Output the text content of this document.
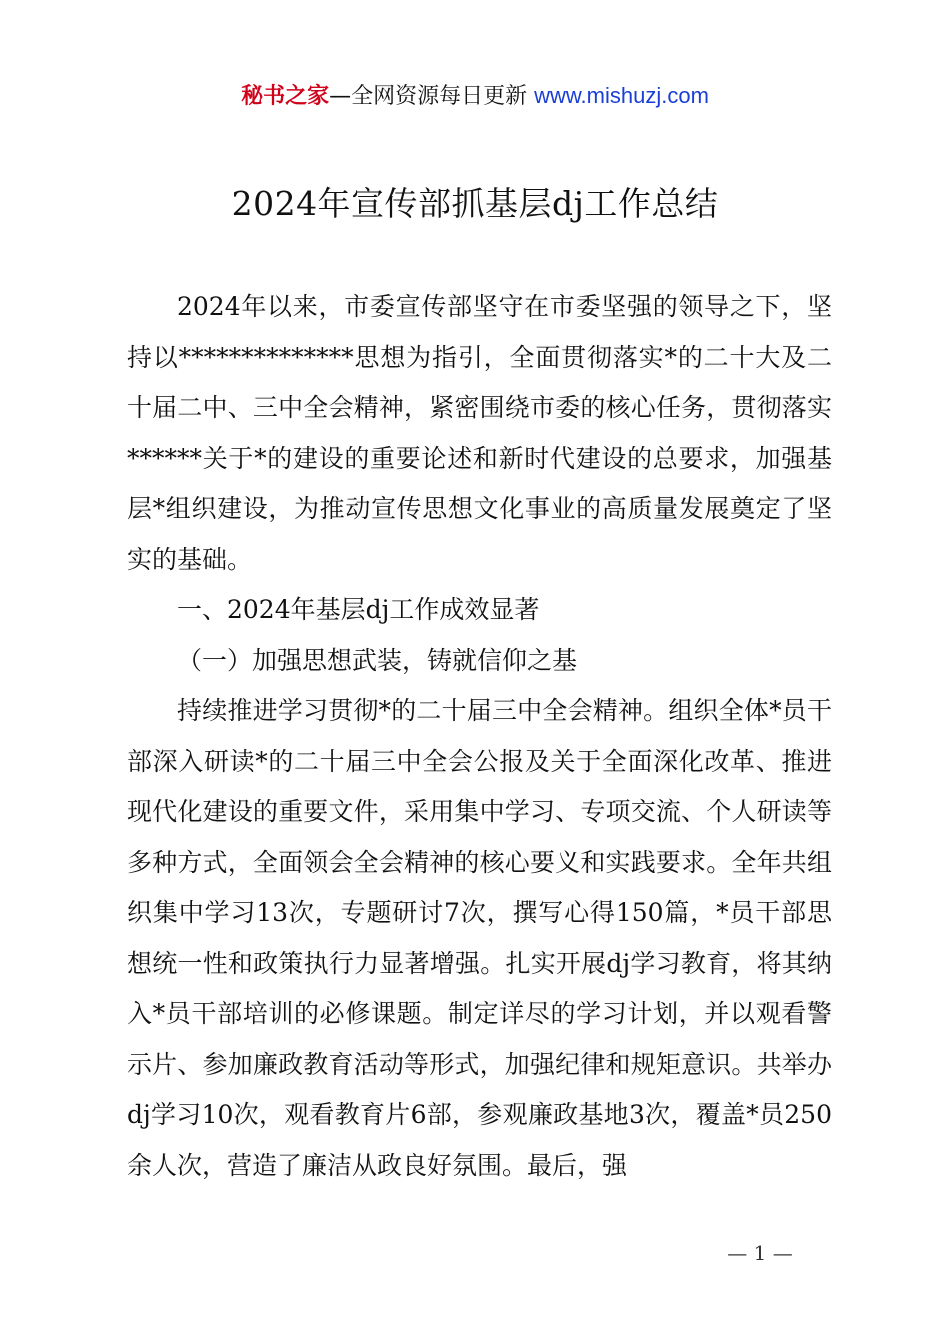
秘书之家—全网资源每日更新 www.mishuzj.com
2024年宣传部抓基层dj工作总结

2024年以来，市委宣传部坚守在市委坚强的领导之下，坚持以**************思想为指引，全面贯彻落实*的二十大及二十届二中、三中全会精神，紧密围绕市委的核心任务，贯彻落实******关于*的建设的重要论述和新时代建设的总要求，加强基层*组织建设，为推动宣传思想文化事业的高质量发展奠定了坚实的基础。

一、2024年基层dj工作成效显著

（一）加强思想武装，铸就信仰之基

持续推进学习贯彻*的二十届三中全会精神。组织全体*员干部深入研读*的二十届三中全会公报及关于全面深化改革、推进现代化建设的重要文件，采用集中学习、专项交流、个人研读等多种方式，全面领会全会精神的核心要义和实践要求。全年共组织集中学习13次，专题研讨7次，撰写心得150篇，*员干部思想统一性和政策执行力显著增强。扎实开展dj学习教育，将其纳入*员干部培训的必修课题。制定详尽的学习计划，并以观看警示片、参加廉政教育活动等形式，加强纪律和规矩意识。共举办dj学习10次，观看教育片6部，参观廉政基地3次，覆盖*员250余人次，营造了廉洁从政良好氛围。最后，强

— 1 —
